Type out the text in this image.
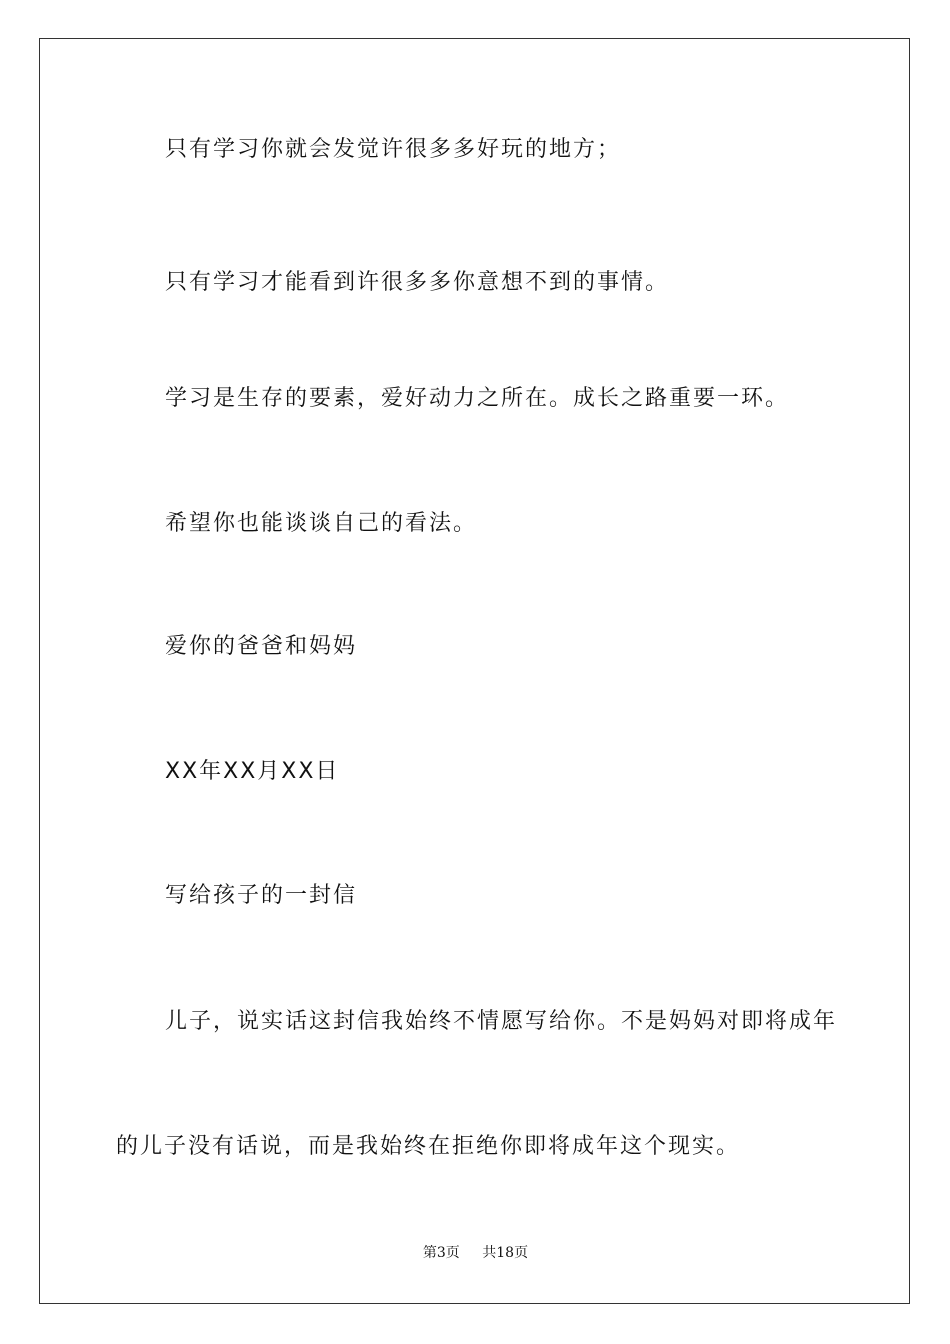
只有学习你就会发觉许很多多好玩的地方；
只有学习才能看到许很多多你意想不到的事情。
学习是生存的要素，爱好动力之所在。成长之路重要一环。
希望你也能谈谈自己的看法。
爱你的爸爸和妈妈
XX年XX月XX日
写给孩子的一封信
儿子，说实话这封信我始终不情愿写给你。不是妈妈对即将成年
的儿子没有话说，而是我始终在拒绝你即将成年这个现实。
第3页 共18页
